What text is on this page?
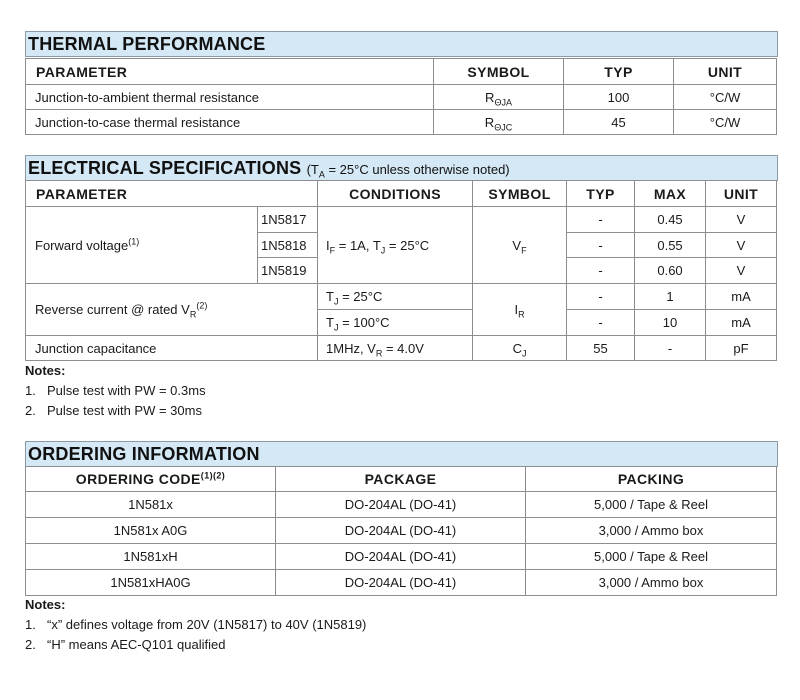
THERMAL PERFORMANCE
PARAMETER	SYMBOL	TYP	UNIT
Junction-to-ambient thermal resistance	$R_{\Theta JA}$	100	°C/W
Junction-to-case thermal resistance	$R_{\Theta JC}$	45	°C/W
ELECTRICAL SPECIFICATIONS ($T_A = 25^\circ C$ unless otherwise noted)
PARAMETER		CONDITIONS	SYMBOL	TYP	MAX	UNIT
Forward voltage$^{(1)}$	1N5817	$I_F = 1A$, $T_J = 25^\circ C$	$V_F$	-	0.45	V
	1N5818			-	0.55	V
	1N5819			-	0.60	V
Reverse current @ rated $V_R^{(2)}$		$T_J = 25^\circ C$	$I_R$	-	1	mA
		$T_J = 100^\circ C$		-	10	mA
Junction capacitance		1MHz, $V_R = 4.0V$	$C_J$	55	-	pF
Notes:
1. Pulse test with PW = 0.3ms
2. Pulse test with PW = 30ms
ORDERING INFORMATION
ORDERING $CODE^{(1)(2)}$	PACKAGE	PACKING
1N581x	DO-204AL (DO-41)	5,000 / Tape & Reel
1N581x A0G	DO-204AL (DO-41)	3,000 / Ammo box
1N581xH	DO-204AL (DO-41)	5,000 / Tape & Reel
1N581xHA0G	DO-204AL (DO-41)	3,000 / Ammo box
Notes:
1. “x” defines voltage from 20V (1N5817) to 40V (1N5819)
2. “H” means AEC-Q101 qualified
